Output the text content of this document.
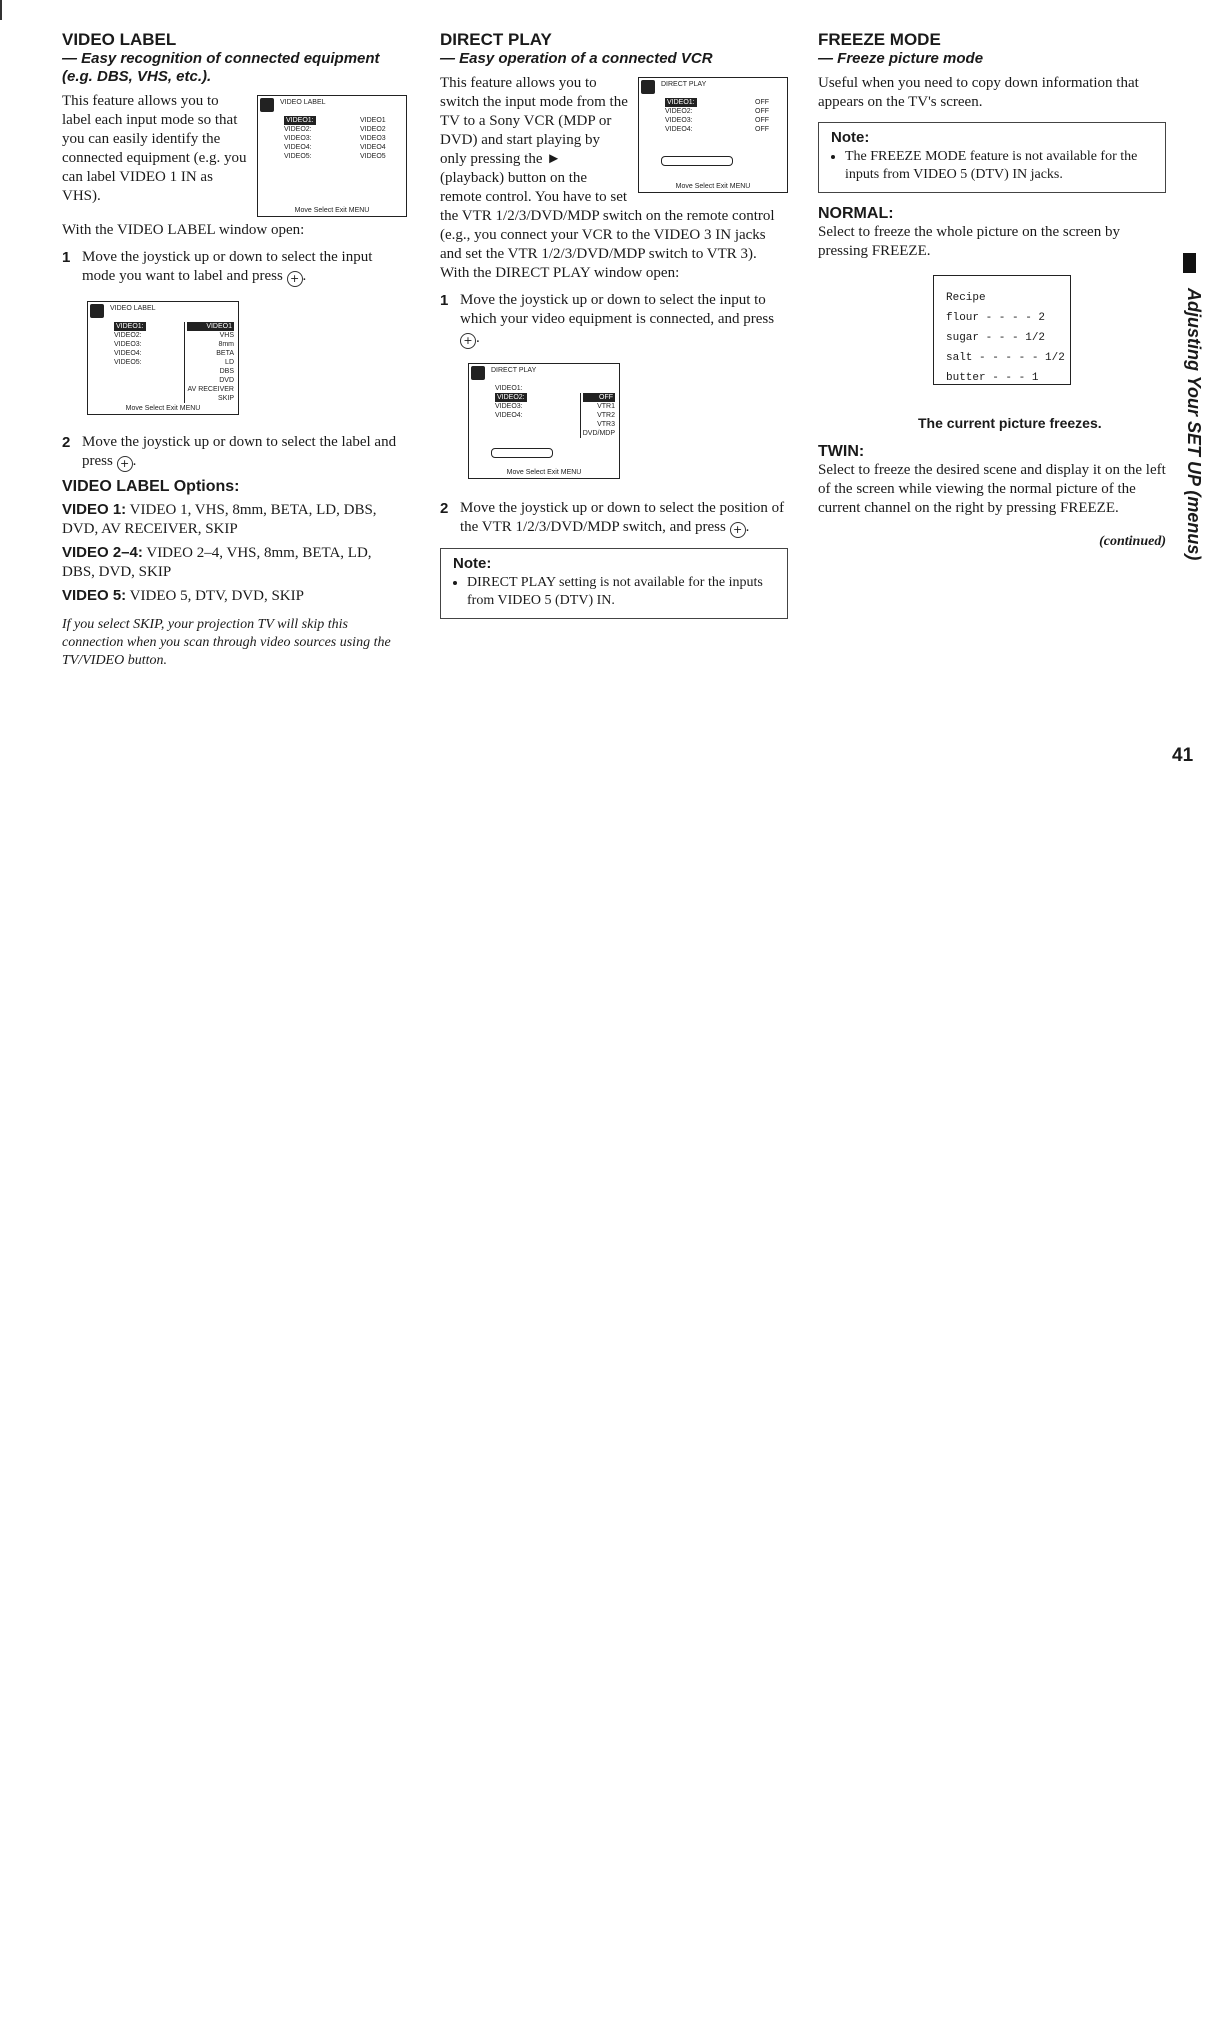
VIDEO LABEL
— Easy recognition of connected equipment (e.g. DBS, VHS, etc.).
VIDEO LABEL
VIDEO1:
VIDEO2:
VIDEO3:
VIDEO4:
VIDEO5:
VIDEO1
VIDEO2
VIDEO3
VIDEO4
VIDEO5
Move Select Exit MENU

This feature allows you to label each input mode so that you can easily identify the connected equipment (e.g. you can label VIDEO 1 IN as VHS).

With the VIDEO LABEL window open:

1 Move the joystick up or down to select the input mode you want to label and press + .
VIDEO LABEL
VIDEO1:
VIDEO2:
VIDEO3:
VIDEO4:
VIDEO5:
VIDEO1
VHS
8mm
BETA
LD
DBS
DVD
AV RECEIVER
SKIP
Move Select Exit MENU
2 Move the joystick up or down to select the label and press + .
VIDEO LABEL Options:
VIDEO 1: VIDEO 1, VHS, 8mm, BETA, LD, DBS, DVD, AV RECEIVER, SKIP
VIDEO 2–4: VIDEO 2–4, VHS, 8mm, BETA, LD, DBS, DVD, SKIP
VIDEO 5: VIDEO 5, DTV, DVD, SKIP

If you select SKIP, your projection TV will skip this connection when you scan through video sources using the TV/VIDEO button.

DIRECT PLAY
— Easy operation of a connected VCR
DIRECT PLAY
VIDEO1:
VIDEO2:
VIDEO3:
VIDEO4:
OFF
OFF
OFF
OFF
Move Select Exit MENU

This feature allows you to switch the input mode from the TV to a Sony VCR (MDP or DVD) and start playing by only pressing the ► (playback) button on the remote control. You have to set the VTR 1/2/3/DVD/MDP switch on the remote control (e.g., you connect your VCR to the VIDEO 3 IN jacks and set the VTR 1/2/3/DVD/MDP switch to VTR 3). With the DIRECT PLAY window open:

1 Move the joystick up or down to select the input to which your video equipment is connected, and press + .
DIRECT PLAY
VIDEO1:
VIDEO2:
VIDEO3:
VIDEO4:
OFF
VTR1
VTR2
VTR3
DVD/MDP
Move Select Exit MENU
2 Move the joystick up or down to select the position of the VTR 1/2/3/DVD/MDP switch, and press + .
Note:
• DIRECT PLAY setting is not available for the inputs from VIDEO 5 (DTV) IN.
FREEZE MODE
— Freeze picture mode

Useful when you need to copy down information that appears on the TV's screen.

Note:
• The FREEZE MODE feature is not available for the inputs from VIDEO 5 (DTV) IN jacks.
NORMAL:

Select to freeze the whole picture on the screen by pressing FREEZE.

Recipe
flour - - - - 2
sugar - - - 1/2
salt - - - - - 1/2
butter - - - 1
The current picture freezes.
TWIN:

Select to freeze the desired scene and display it on the left of the screen while viewing the normal picture of the current channel on the right by pressing FREEZE.

(continued)	Adjusting Your SET UP (menus)
41
